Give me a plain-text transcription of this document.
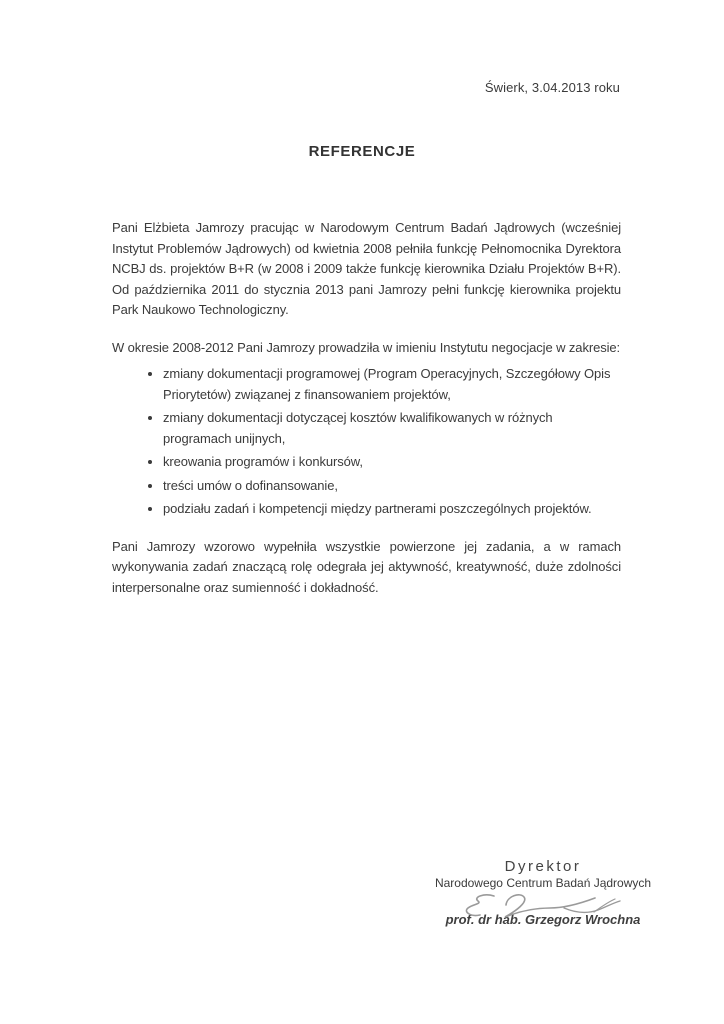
Świerk, 3.04.2013 roku
REFERENCJE

Pani Elżbieta Jamrozy pracując w Narodowym Centrum Badań Jądrowych (wcześniej Instytut Problemów Jądrowych) od kwietnia 2008 pełniła funkcję Pełnomocnika Dyrektora NCBJ ds. projektów B+R (w 2008 i 2009 także funkcję kierownika Działu Projektów B+R). Od października 2011 do stycznia 2013 pani Jamrozy pełni funkcję kierownika projektu Park Naukowo Technologiczny.

W okresie 2008-2012 Pani Jamrozy prowadziła w imieniu Instytutu negocjacje w zakresie:

• zmiany dokumentacji programowej (Program Operacyjnych, Szczegółowy Opis Priorytetów) związanej z finansowaniem projektów,
• zmiany dokumentacji dotyczącej kosztów kwalifikowanych w różnych programach unijnych,
• kreowania programów i konkursów,
• treści umów o dofinansowanie,
• podziału zadań i kompetencji między partnerami poszczególnych projektów.

Pani Jamrozy wzorowo wypełniła wszystkie powierzone jej zadania, a w ramach wykonywania zadań znaczącą rolę odegrała jej aktywność, kreatywność, duże zdolności interpersonalne oraz sumienność i dokładność.

Dyrektor
Narodowego Centrum Badań Jądrowych
prof. dr hab. Grzegorz Wrochna
